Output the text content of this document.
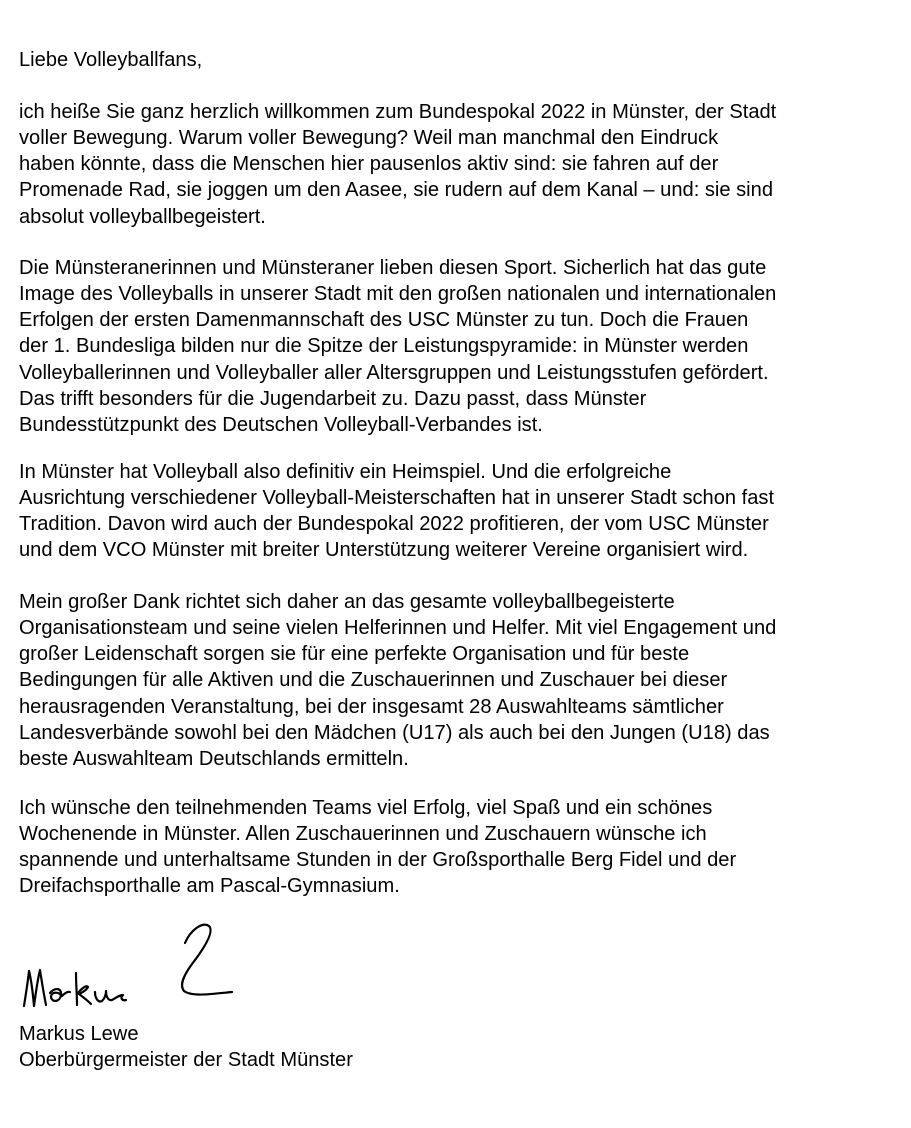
Liebe Volleyballfans,

ich heiße Sie ganz herzlich willkommen zum Bundespokal 2022 in Münster, der Stadt
voller Bewegung. Warum voller Bewegung? Weil man manchmal den Eindruck
haben könnte, dass die Menschen hier pausenlos aktiv sind: sie fahren auf der
Promenade Rad, sie joggen um den Aasee, sie rudern auf dem Kanal – und: sie sind
absolut volleyballbegeistert.
Die Münsteranerinnen und Münsteraner lieben diesen Sport. Sicherlich hat das gute
Image des Volleyballs in unserer Stadt mit den großen nationalen und internationalen
Erfolgen der ersten Damenmannschaft des USC Münster zu tun. Doch die Frauen
der 1. Bundesliga bilden nur die Spitze der Leistungspyramide: in Münster werden
Volleyballerinnen und Volleyballer aller Altersgruppen und Leistungsstufen gefördert.
Das trifft besonders für die Jugendarbeit zu. Dazu passt, dass Münster
Bundesstützpunkt des Deutschen Volleyball-Verbandes ist.
In Münster hat Volleyball also definitiv ein Heimspiel. Und die erfolgreiche
Ausrichtung verschiedener Volleyball-Meisterschaften hat in unserer Stadt schon fast
Tradition. Davon wird auch der Bundespokal 2022 profitieren, der vom USC Münster
und dem VCO Münster mit breiter Unterstützung weiterer Vereine organisiert wird.
Mein großer Dank richtet sich daher an das gesamte volleyballbegeisterte
Organisationsteam und seine vielen Helferinnen und Helfer. Mit viel Engagement und
großer Leidenschaft sorgen sie für eine perfekte Organisation und für beste
Bedingungen für alle Aktiven und die Zuschauerinnen und Zuschauer bei dieser
herausragenden Veranstaltung, bei der insgesamt 28 Auswahlteams sämtlicher
Landesverbände sowohl bei den Mädchen (U17) als auch bei den Jungen (U18) das
beste Auswahlteam Deutschlands ermitteln.
Ich wünsche den teilnehmenden Teams viel Erfolg, viel Spaß und ein schönes
Wochenende in Münster. Allen Zuschauerinnen und Zuschauern wünsche ich
spannende und unterhaltsame Stunden in der Großsporthalle Berg Fidel und der
Dreifachsporthalle am Pascal-Gymnasium.
Markus Lewe
Oberbürgermeister der Stadt Münster
